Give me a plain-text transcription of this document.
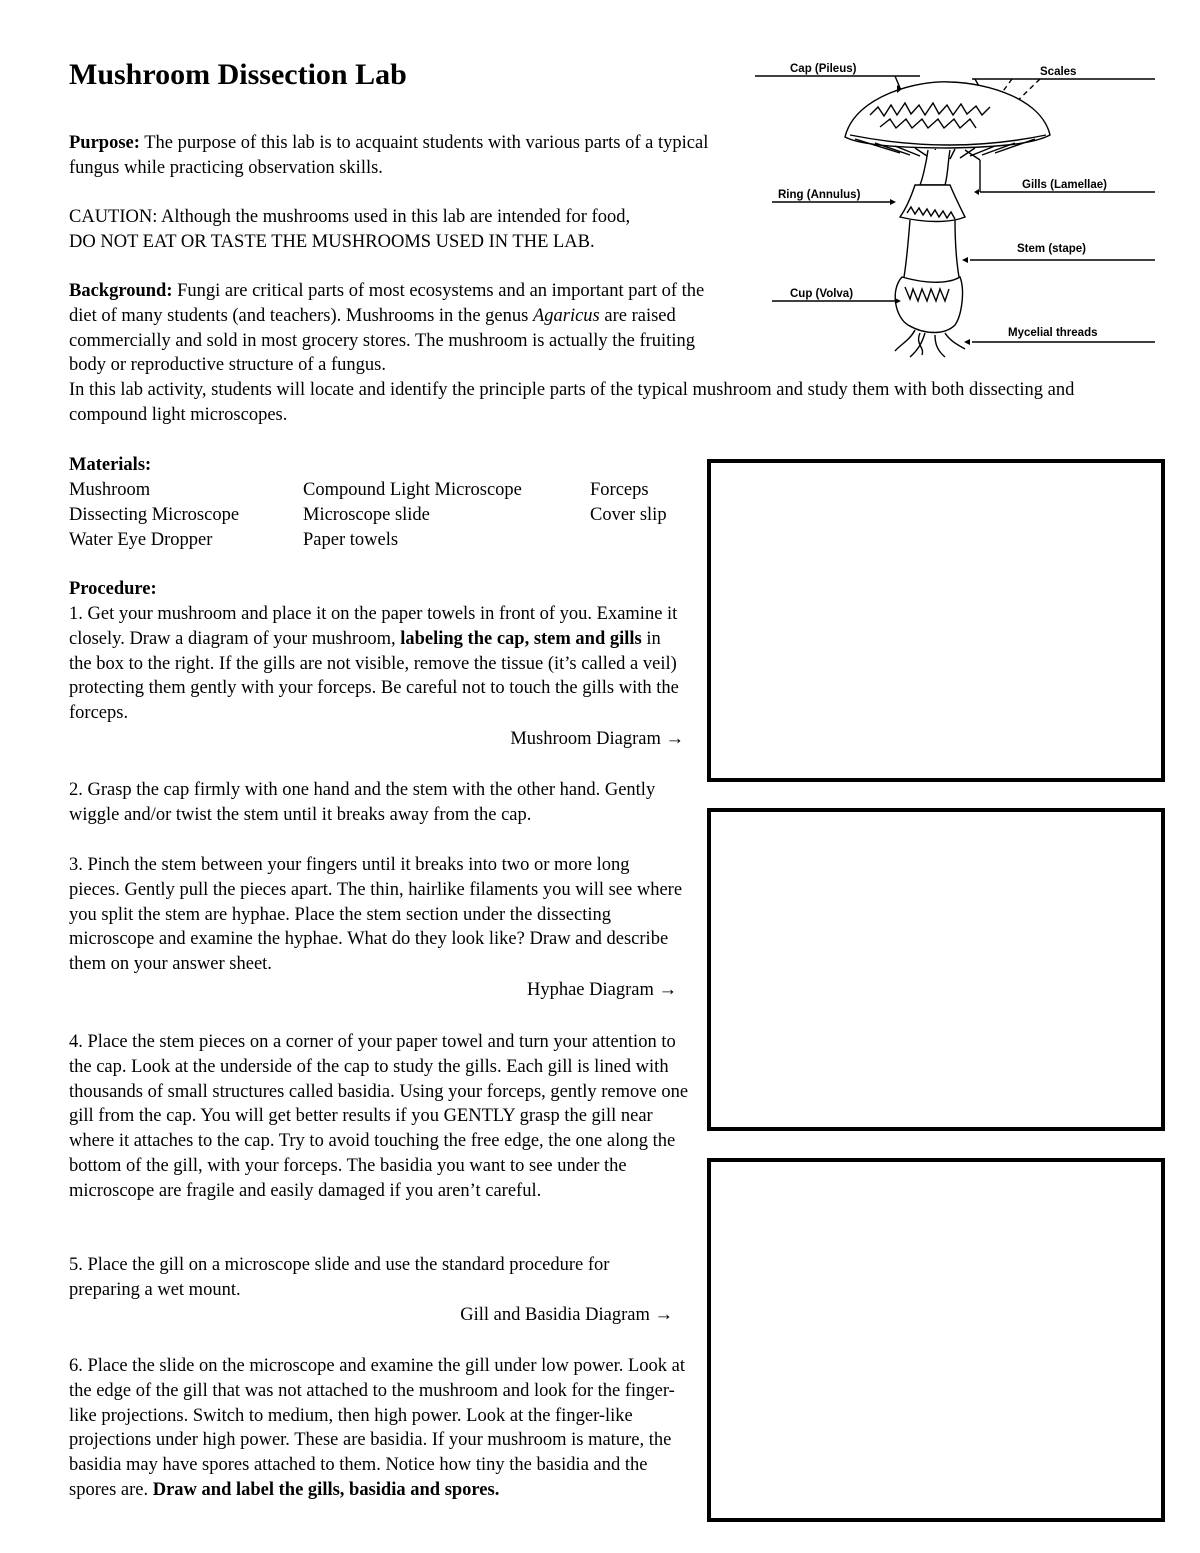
Mushroom Dissection Lab
Purpose: The purpose of this lab is to acquaint students with various parts of a typical fungus while practicing observation skills.
CAUTION: Although the mushrooms used in this lab are intended for food,
DO NOT EAT OR TASTE THE MUSHROOMS USED IN THE LAB.
Background: Fungi are critical parts of most ecosystems and an important part of the diet of many students (and teachers). Mushrooms in the genus Agaricus are raised commercially and sold in most grocery stores. The mushroom is actually the fruiting body or reproductive structure of a fungus.
In this lab activity, students will locate and identify the principle parts of the typical mushroom and study them with both dissecting and compound light microscopes.
Cap (Pileus)	Scales
Gills (Lamellae)
Ring (Annulus)
Stem (stape)
Cup (Volva)
Mycelial threads
Materials:
Mushroom
Dissecting Microscope
Water Eye Dropper
Compound Light Microscope
Microscope slide
Paper towels
Forceps
Cover slip
Procedure:
1. Get your mushroom and place it on the paper towels in front of you. Examine it closely. Draw a diagram of your mushroom, labeling the cap, stem and gills in the box to the right. If the gills are not visible, remove the tissue (it’s called a veil) protecting them gently with your forceps. Be careful not to touch the gills with the forceps.
Mushroom Diagram →
2. Grasp the cap firmly with one hand and the stem with the other hand. Gently wiggle and/or twist the stem until it breaks away from the cap.
3. Pinch the stem between your fingers until it breaks into two or more long pieces. Gently pull the pieces apart. The thin, hairlike filaments you will see where you split the stem are hyphae. Place the stem section under the dissecting microscope and examine the hyphae. What do they look like? Draw and describe them on your answer sheet.
Hyphae Diagram →
4. Place the stem pieces on a corner of your paper towel and turn your attention to the cap. Look at the underside of the cap to study the gills. Each gill is lined with thousands of small structures called basidia. Using your forceps, gently remove one gill from the cap. You will get better results if you GENTLY grasp the gill near where it attaches to the cap. Try to avoid touching the free edge, the one along the bottom of the gill, with your forceps. The basidia you want to see under the microscope are fragile and easily damaged if you aren’t careful.
5. Place the gill on a microscope slide and use the standard procedure for preparing a wet mount.
Gill and Basidia Diagram →
6. Place the slide on the microscope and examine the gill under low power. Look at the edge of the gill that was not attached to the mushroom and look for the finger-like projections. Switch to medium, then high power. Look at the finger-like projections under high power. These are basidia. If your mushroom is mature, the basidia may have spores attached to them. Notice how tiny the basidia and the spores are. Draw and label the gills, basidia and spores.
